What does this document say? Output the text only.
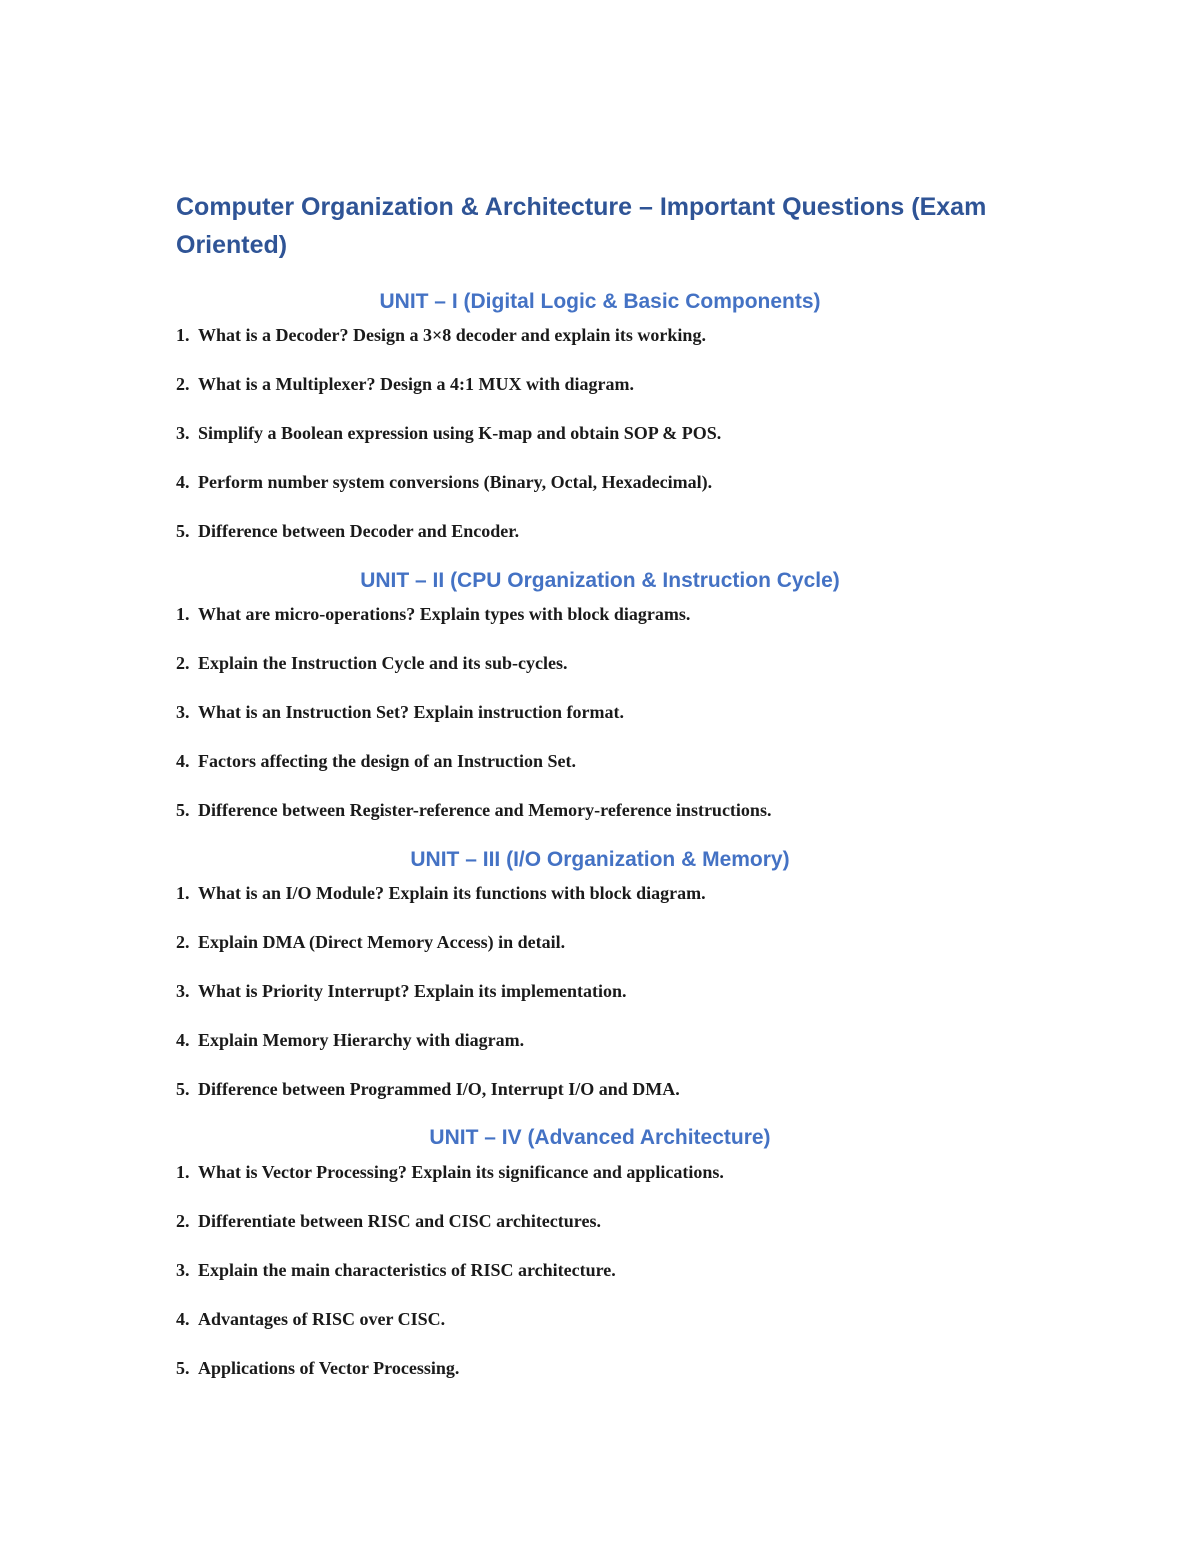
Computer Organization & Architecture – Important Questions (Exam Oriented)
UNIT – I (Digital Logic & Basic Components)
1. What is a Decoder? Design a 3×8 decoder and explain its working.
2. What is a Multiplexer? Design a 4:1 MUX with diagram.
3. Simplify a Boolean expression using K-map and obtain SOP & POS.
4. Perform number system conversions (Binary, Octal, Hexadecimal).
5. Difference between Decoder and Encoder.
UNIT – II (CPU Organization & Instruction Cycle)
1. What are micro-operations? Explain types with block diagrams.
2. Explain the Instruction Cycle and its sub-cycles.
3. What is an Instruction Set? Explain instruction format.
4. Factors affecting the design of an Instruction Set.
5. Difference between Register-reference and Memory-reference instructions.
UNIT – III (I/O Organization & Memory)
1. What is an I/O Module? Explain its functions with block diagram.
2. Explain DMA (Direct Memory Access) in detail.
3. What is Priority Interrupt? Explain its implementation.
4. Explain Memory Hierarchy with diagram.
5. Difference between Programmed I/O, Interrupt I/O and DMA.
UNIT – IV (Advanced Architecture)
1. What is Vector Processing? Explain its significance and applications.
2. Differentiate between RISC and CISC architectures.
3. Explain the main characteristics of RISC architecture.
4. Advantages of RISC over CISC.
5. Applications of Vector Processing.
